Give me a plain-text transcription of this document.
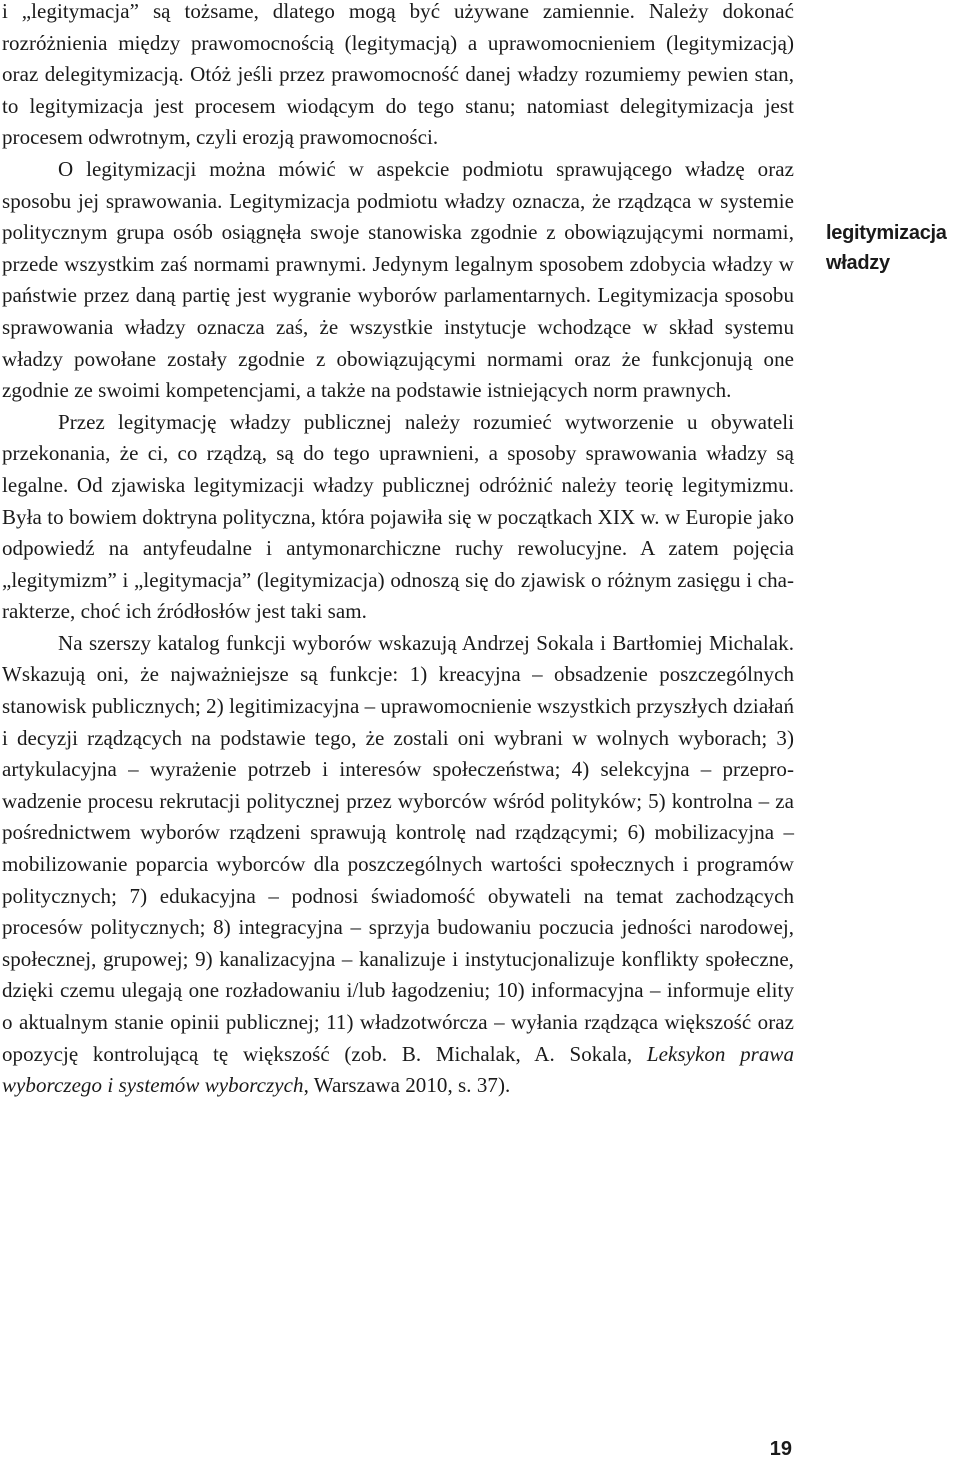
i „legitymacja” są tożsame, dlatego mogą być używane zamiennie. Należy dokonać rozróżnienia między prawomocnością (legitymacją) a uprawomocnieniem (legitymizacją) oraz delegitymizacją. Otóż jeśli przez prawomocność danej władzy rozumiemy pewien stan, to legitymizacja jest procesem wiodącym do tego stanu; natomiast delegitymizacja jest procesem odwrotnym, czyli erozją prawomocności.

O legitymizacji można mówić w aspekcie podmiotu sprawującego władzę oraz sposobu jej sprawowania. Legitymizacja podmiotu władzy oznacza, że rządząca w systemie politycznym grupa osób osiągnęła swoje stanowiska zgodnie z obowiązującymi normami, przede wszystkim zaś normami prawnymi. Jedynym legalnym sposobem zdobycia władzy w państwie przez daną partię jest wygranie wyborów parlamentarnych. Legitymizacja sposobu sprawowania władzy oznacza zaś, że wszystkie instytucje wchodzące w skład systemu władzy powołane zostały zgodnie z obowiązującymi normami oraz że funkcjonują one zgodnie ze swoimi kompetencjami, a także na podstawie istniejących norm prawnych.

Przez legitymację władzy publicznej należy rozumieć wytworzenie u obywateli przekonania, że ci, co rządzą, są do tego uprawnieni, a sposoby sprawowania władzy są legalne. Od zjawiska legitymizacji władzy publicznej odróżnić należy teorię legitymizmu. Była to bowiem doktryna polityczna, która pojawiła się w początkach XIX w. w Europie jako odpowiedź na antyfeudalne i antymonarchiczne ruchy rewolucyjne. A zatem pojęcia „legitymizm” i „legitymacja” (legitymizacja) odnoszą się do zjawisk o różnym zasięgu i charakterze, choć ich źródłosłów jest taki sam.

Na szerszy katalog funkcji wyborów wskazują Andrzej Sokala i Bartłomiej Michalak. Wskazują oni, że najważniejsze są funkcje: 1) kreacyjna – obsadzenie poszczególnych stanowisk publicznych; 2) legitimizacyjna – uprawomocnienie wszystkich przyszłych działań i decyzji rządzących na podstawie tego, że zostali oni wybrani w wolnych wyborach; 3) artykulacyjna – wyrażenie potrzeb i interesów społeczeństwa; 4) selekcyjna – przeprowadzenie procesu rekrutacji politycznej przez wyborców wśród polityków; 5) kontrolna – za pośrednictwem wyborów rządzeni sprawują kontrolę nad rządzącymi; 6) mobilizacyjna – mobilizowanie poparcia wyborców dla poszczególnych wartości społecznych i programów politycznych; 7) edukacyjna – podnosi świadomość obywateli na temat zachodzących procesów politycznych; 8) integracyjna – sprzyja budowaniu poczucia jedności narodowej, społecznej, grupowej; 9) kanalizacyjna – kanalizuje i instytucjonalizuje konflikty społeczne, dzięki czemu ulegają one rozładowaniu i/lub łagodzeniu; 10) informacyjna – informuje elity o aktualnym stanie opinii publicznej; 11) władzotwórcza – wyłania rządząca większość oraz opozycję kontrolującą tę większość (zob. B. Michalak, A. Sokala, Leksykon prawa wyborczego i systemów wyborczych, Warszawa 2010, s. 37).

legitymizacja
władzy
19
